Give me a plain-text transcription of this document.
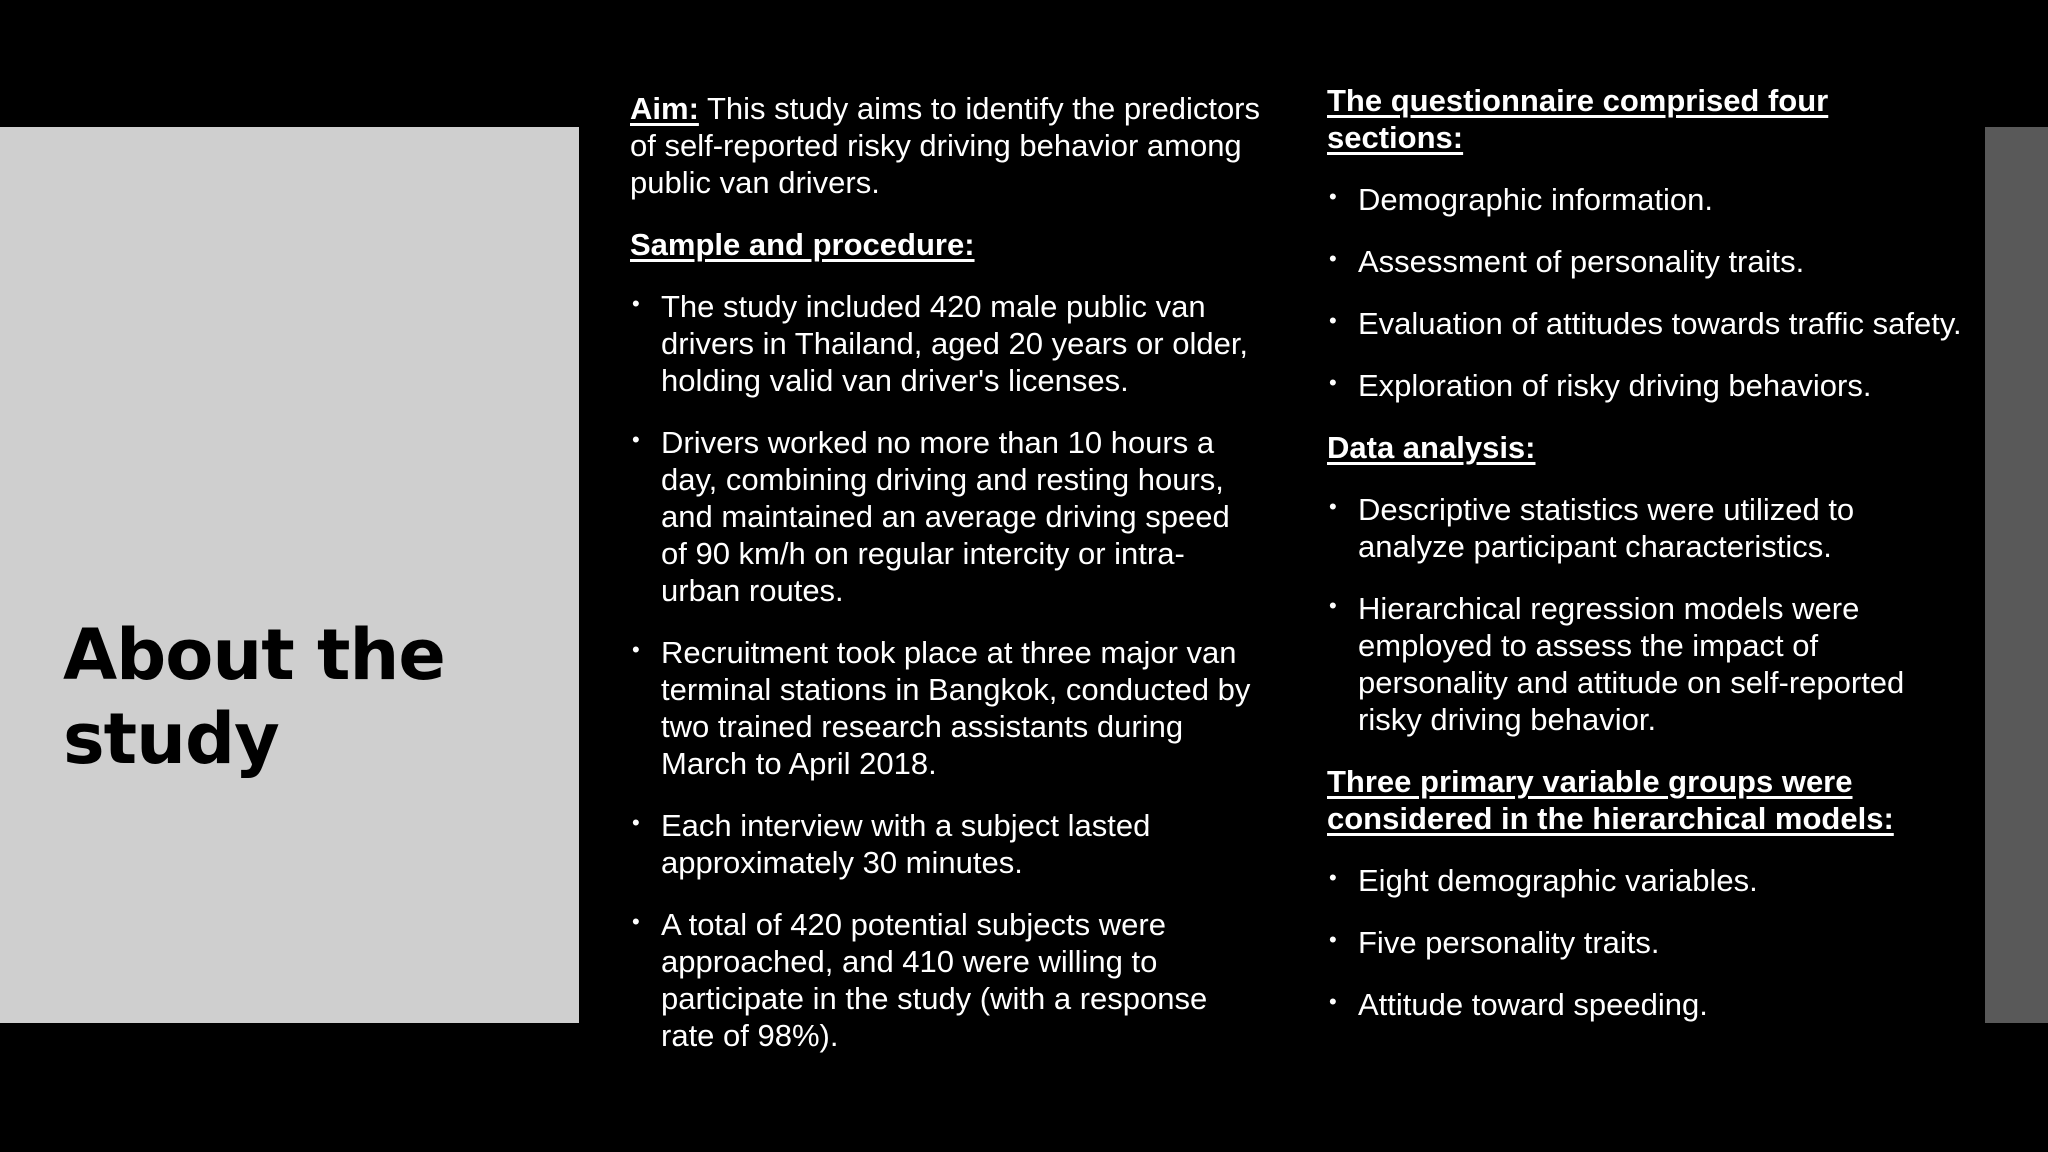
About the
study

Aim: This study aims to identify the predictors of self-reported risky driving behavior among public van drivers.

Sample and procedure:

• The study included 420 male public van drivers in Thailand, aged 20 years or older, holding valid van driver's licenses.
• Drivers worked no more than 10 hours a day, combining driving and resting hours, and maintained an average driving speed of 90 km/h on regular intercity or intra-urban routes.
• Recruitment took place at three major van terminal stations in Bangkok, conducted by two trained research assistants during March to April 2018.
• Each interview with a subject lasted approximately 30 minutes.
• A total of 420 potential subjects were approached, and 410 were willing to participate in the study (with a response rate of 98%).

The questionnaire comprised four sections:

• Demographic information.
• Assessment of personality traits.
• Evaluation of attitudes towards traffic safety.
• Exploration of risky driving behaviors.

Data analysis:

• Descriptive statistics were utilized to analyze participant characteristics.
• Hierarchical regression models were employed to assess the impact of personality and attitude on self-reported risky driving behavior.

Three primary variable groups were considered in the hierarchical models:

• Eight demographic variables.
• Five personality traits.
• Attitude toward speeding.
